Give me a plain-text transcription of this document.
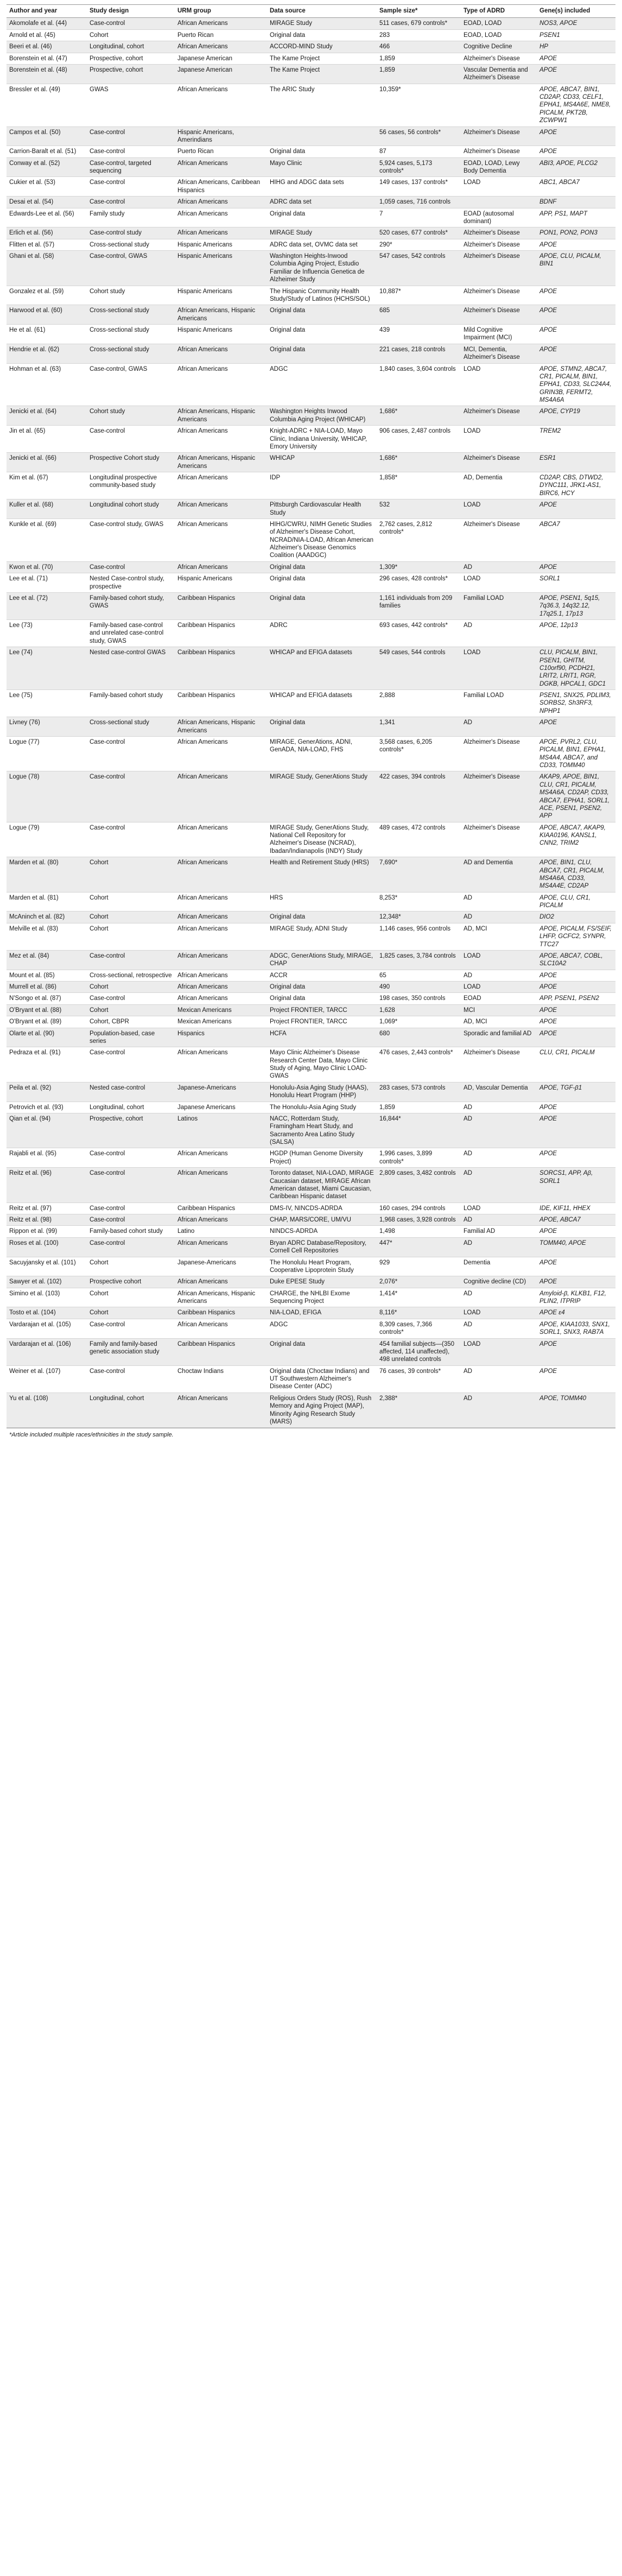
Author and year	Study design	URM group	Data source	Sample size*	Type of ADRD	Gene(s) included
Akomolafe et al. (44)	Case-control	African Americans	MIRAGE Study	511 cases, 679 controls*	EOAD, LOAD	NOS3, APOE
Arnold et al. (45)	Cohort	Puerto Rican	Original data	283	EOAD, LOAD	PSEN1
Beeri et al. (46)	Longitudinal, cohort	African Americans	ACCORD-MIND Study	466	Cognitive Decline	HP
Borenstein et al. (47)	Prospective, cohort	Japanese American	The Kame Project	1,859	Alzheimer's Disease	APOE
Borenstein et al. (48)	Prospective, cohort	Japanese American	The Kame Project	1,859	Vascular Dementia and Alzheimer's Disease	APOE
Bressler et al. (49)	GWAS	African Americans	The ARIC Study	10,359*		APOE, ABCA7, BIN1, CD2AP, CD33, CELF1, EPHA1, MS4A6E, NME8, PICALM, PKT2B, ZCWPW1
Campos et al. (50)	Case-control	Hispanic Americans, Amerindians		56 cases, 56 controls*	Alzheimer's Disease	APOE
Carrion-Baralt et al. (51)	Case-control	Puerto Rican	Original data	87	Alzheimer's Disease	APOE
Conway et al. (52)	Case-control, targeted sequencing	African Americans	Mayo Clinic	5,924 cases, 5,173 controls*	EOAD, LOAD, Lewy Body Dementia	ABI3, APOE, PLCG2
Cukier et al. (53)	Case-control	African Americans, Caribbean Hispanics	HIHG and ADGC data sets	149 cases, 137 controls*	LOAD	ABC1, ABCA7
Desai et al. (54)	Case-control	African Americans	ADRC data set	1,059 cases, 716 controls		BDNF
Edwards-Lee et al. (56)	Family study	African Americans	Original data	7	EOAD (autosomal dominant)	APP, PS1, MAPT
Erlich et al. (56)	Case-control study	African Americans	MIRAGE Study	520 cases, 677 controls*	Alzheimer's Disease	PON1, PON2, PON3
Flitten et al. (57)	Cross-sectional study	Hispanic Americans	ADRC data set, OVMC data set	290*	Alzheimer's Disease	APOE
Ghani et al. (58)	Case-control, GWAS	Hispanic Americans	Washington Heights-Inwood Columbia Aging Project, Estudio Familiar de Influencia Genetica de Alzheimer Study	547 cases, 542 controls	Alzheimer's Disease	APOE, CLU, PICALM, BIN1
Gonzalez et al. (59)	Cohort study	Hispanic Americans	The Hispanic Community Health Study/Study of Latinos (HCHS/SOL)	10,887*	Alzheimer's Disease	APOE
Harwood et al. (60)	Cross-sectional study	African Americans, Hispanic Americans	Original data	685	Alzheimer's Disease	APOE
He et al. (61)	Cross-sectional study	Hispanic Americans	Original data	439	Mild Cognitive Impairment (MCI)	APOE
Hendrie et al. (62)	Cross-sectional study	African Americans	Original data	221 cases, 218 controls	MCI, Dementia, Alzheimer's Disease	APOE
Hohman et al. (63)	Case-control, GWAS	African Americans	ADGC	1,840 cases, 3,604 controls	LOAD	APOE, STMN2, ABCA7, CR1, PICALM, BIN1, EPHA1, CD33, SLC24A4, GRIN3B, FERMT2, MS4A6A
Jenicki et al. (64)	Cohort study	African Americans, Hispanic Americans	Washington Heights Inwood Columbia Aging Project (WHICAP)	1,686*	Alzheimer's Disease	APOE, CYP19
Jin et al. (65)	Case-control	African Americans	Knight-ADRC + NIA-LOAD, Mayo Clinic, Indiana University, WHICAP, Emory University	906 cases, 2,487 controls	LOAD	TREM2
Jenicki et al. (66)	Prospective Cohort study	African Americans, Hispanic Americans	WHICAP	1,686*	Alzheimer's Disease	ESR1
Kim et al. (67)	Longitudinal prospective community-based study	African Americans	IDP	1,858*	AD, Dementia	CD2AP, CBS, DTWD2, DYNC111, JRK1-AS1, BIRC6, HCY
Kuller et al. (68)	Longitudinal cohort study	African Americans	Pittsburgh Cardiovascular Health Study	532	LOAD	APOE
Kunkle et al. (69)	Case-control study, GWAS	African Americans	HIHG/CWRU, NIMH Genetic Studies of Alzheimer's Disease Cohort, NCRAD/NIA-LOAD, African American Alzheimer's Disease Genomics Coalition (AAADGC)	2,762 cases, 2,812 controls*	Alzheimer's Disease	ABCA7
Kwon et al. (70)	Case-control	African Americans	Original data	1,309*	AD	APOE
Lee et al. (71)	Nested Case-control study, prospective	Hispanic Americans	Original data	296 cases, 428 controls*	LOAD	SORL1
Lee et al. (72)	Family-based cohort study, GWAS	Caribbean Hispanics	Original data	1,161 individuals from 209 families	Familial LOAD	APOE, PSEN1, 5q15, 7q36.3, 14q32.12, 17q25.1, 17p13
Lee (73)	Family-based case-control and unrelated case-control study, GWAS	Caribbean Hispanics	ADRC	693 cases, 442 controls*	AD	APOE, 12p13
Lee (74)	Nested case-control GWAS	Caribbean Hispanics	WHICAP and EFIGA datasets	549 cases, 544 controls	LOAD	CLU, PICALM, BIN1, PSEN1, GHITM, C10orf90, PCDH21, LRIT2, LRIT1, RGR, DGKB, HPCAL1, GDC1
Lee (75)	Family-based cohort study	Caribbean Hispanics	WHICAP and EFIGA datasets	2,888	Familial LOAD	PSEN1, SNX25, PDLIM3, SORBS2, Sh3RF3, NPHP1
Livney (76)	Cross-sectional study	African Americans, Hispanic Americans	Original data	1,341	AD	APOE
Logue (77)	Case-control	African Americans	MIRAGE, GenerAtions, ADNI, GenADA, NIA-LOAD, FHS	3,568 cases, 6,205 controls*	Alzheimer's Disease	APOE, PVRL2, CLU, PICALM, BIN1, EPHA1, MS4A4, ABCA7, and CD33, TOMM40
Logue (78)	Case-control	African Americans	MIRAGE Study, GenerAtions Study	422 cases, 394 controls	Alzheimer's Disease	AKAP9, APOE, BIN1, CLU, CR1, PICALM, MS4A6A, CD2AP, CD33, ABCA7, EPHA1, SORL1, ACE, PSEN1, PSEN2, APP
Logue (79)	Case-control	African Americans	MIRAGE Study, GenerAtions Study, National Cell Repository for Alzheimer's Disease (NCRAD), Ibadan/Indianapolis (INDY) Study	489 cases, 472 controls	Alzheimer's Disease	APOE, ABCA7, AKAP9, KIAA0196, KANSL1, CNN2, TRIM2
Marden et al. (80)	Cohort	African Americans	Health and Retirement Study (HRS)	7,690*	AD and Dementia	APOE, BIN1, CLU, ABCA7, CR1, PICALM, MS4A6A, CD33, MS4A4E, CD2AP
Marden et al. (81)	Cohort	African Americans	HRS	8,253*	AD	APOE, CLU, CR1, PICALM
McAninch et al. (82)	Cohort	African Americans	Original data	12,348*	AD	DIO2
Melville et al. (83)	Cohort	African Americans	MIRAGE Study, ADNI Study	1,146 cases, 956 controls	AD, MCI	APOE, PICALM, FS/SEIF, LHFP, GCFC2, SYNPR, TTC27
Mez et al. (84)	Case-control	African Americans	ADGC, GenerAtions Study, MIRAGE, CHAP	1,825 cases, 3,784 controls	LOAD	APOE, ABCA7, COBL, SLC10A2
Mount et al. (85)	Cross-sectional, retrospective	African Americans	ACCR	65	AD	APOE
Murrell et al. (86)	Cohort	African Americans	Original data	490	LOAD	APOE
N'Songo et al. (87)	Case-control	African Americans	Original data	198 cases, 350 controls	EOAD	APP, PSEN1, PSEN2
O'Bryant et al. (88)	Cohort	Mexican Americans	Project FRONTIER, TARCC	1,628	MCI	APOE
O'Bryant et al. (89)	Cohort, CBPR	Mexican Americans	Project FRONTIER, TARCC	1,069*	AD, MCI	APOE
Olarte et al. (90)	Population-based, case series	Hispanics	HCFA	680	Sporadic and familial AD	APOE
Pedraza et al. (91)	Case-control	African Americans	Mayo Clinic Alzheimer's Disease Research Center Data, Mayo Clinic Study of Aging, Mayo Clinic LOAD-GWAS	476 cases, 2,443 controls*	Alzheimer's Disease	CLU, CR1, PICALM
Peila et al. (92)	Nested case-control	Japanese-Americans	Honolulu-Asia Aging Study (HAAS), Honolulu Heart Program (HHP)	283 cases, 573 controls	AD, Vascular Dementia	APOE, TGF-β1
Petrovich et al. (93)	Longitudinal, cohort	Japanese Americans	The Honolulu-Asia Aging Study	1,859	AD	APOE
Qian et al. (94)	Prospective, cohort	Latinos	NACC, Rotterdam Study, Framingham Heart Study, and Sacramento Area Latino Study (SALSA)	16,844*	AD	APOE
Rajabli et al. (95)	Case-control	African Americans	HGDP (Human Genome Diversity Project)	1,996 cases, 3,899 controls*	AD	APOE
Reitz et al. (96)	Case-control	African Americans	Toronto dataset, NIA-LOAD, MIRAGE Caucasian dataset, MIRAGE African American dataset, Miami Caucasian, Caribbean Hispanic dataset	2,809 cases, 3,482 controls	AD	SORCS1, APP, Aβ, SORL1
Reitz et al. (97)	Case-control	Caribbean Hispanics	DMS-IV, NINCDS-ADRDA	160 cases, 294 controls	LOAD	IDE, KIF11, HHEX
Reitz et al. (98)	Case-control	African Americans	CHAP, MARS/CORE, UM/VU	1,968 cases, 3,928 controls	AD	APOE, ABCA7
Rippon et al. (99)	Family-based cohort study	Latino	NINDCS-ADRDA	1,498	Familial AD	APOE
Roses et al. (100)	Case-control	African Americans	Bryan ADRC Database/Repository, Cornell Cell Repositories	447*	AD	TOMM40, APOE
Sacuyjansky et al. (101)	Cohort	Japanese-Americans	The Honolulu Heart Program, Cooperative Lipoprotein Study	929	Dementia	APOE
Sawyer et al. (102)	Prospective cohort	African Americans	Duke EPESE Study	2,076*	Cognitive decline (CD)	APOE
Simino et al. (103)	Cohort	African Americans, Hispanic Americans	CHARGE, the NHLBI Exome Sequencing Project	1,414*	AD	Amyloid-β, KLKB1, F12, PLIN2, ITPRIP
Tosto et al. (104)	Cohort	Caribbean Hispanics	NIA-LOAD, EFIGA	8,116*	LOAD	APOE ε4
Vardarajan et al. (105)	Case-control	African Americans	ADGC	8,309 cases, 7,366 controls*	AD	APOE, KIAA1033, SNX1, SORL1, SNX3, RAB7A
Vardarajan et al. (106)	Family and family-based genetic association study	Caribbean Hispanics	Original data	454 familial subjects—(350 affected, 114 unaffected), 498 unrelated controls	LOAD	APOE
Weiner et al. (107)	Case-control	Choctaw Indians	Original data (Choctaw Indians) and UT Southwestern Alzheimer's Disease Center (ADC)	76 cases, 39 controls*	AD	APOE
Yu et al. (108)	Longitudinal, cohort	African Americans	Religious Orders Study (ROS), Rush Memory and Aging Project (MAP), Minority Aging Research Study (MARS)	2,388*	AD	APOE, TOMM40
*Article included multiple races/ethnicities in the study sample.
